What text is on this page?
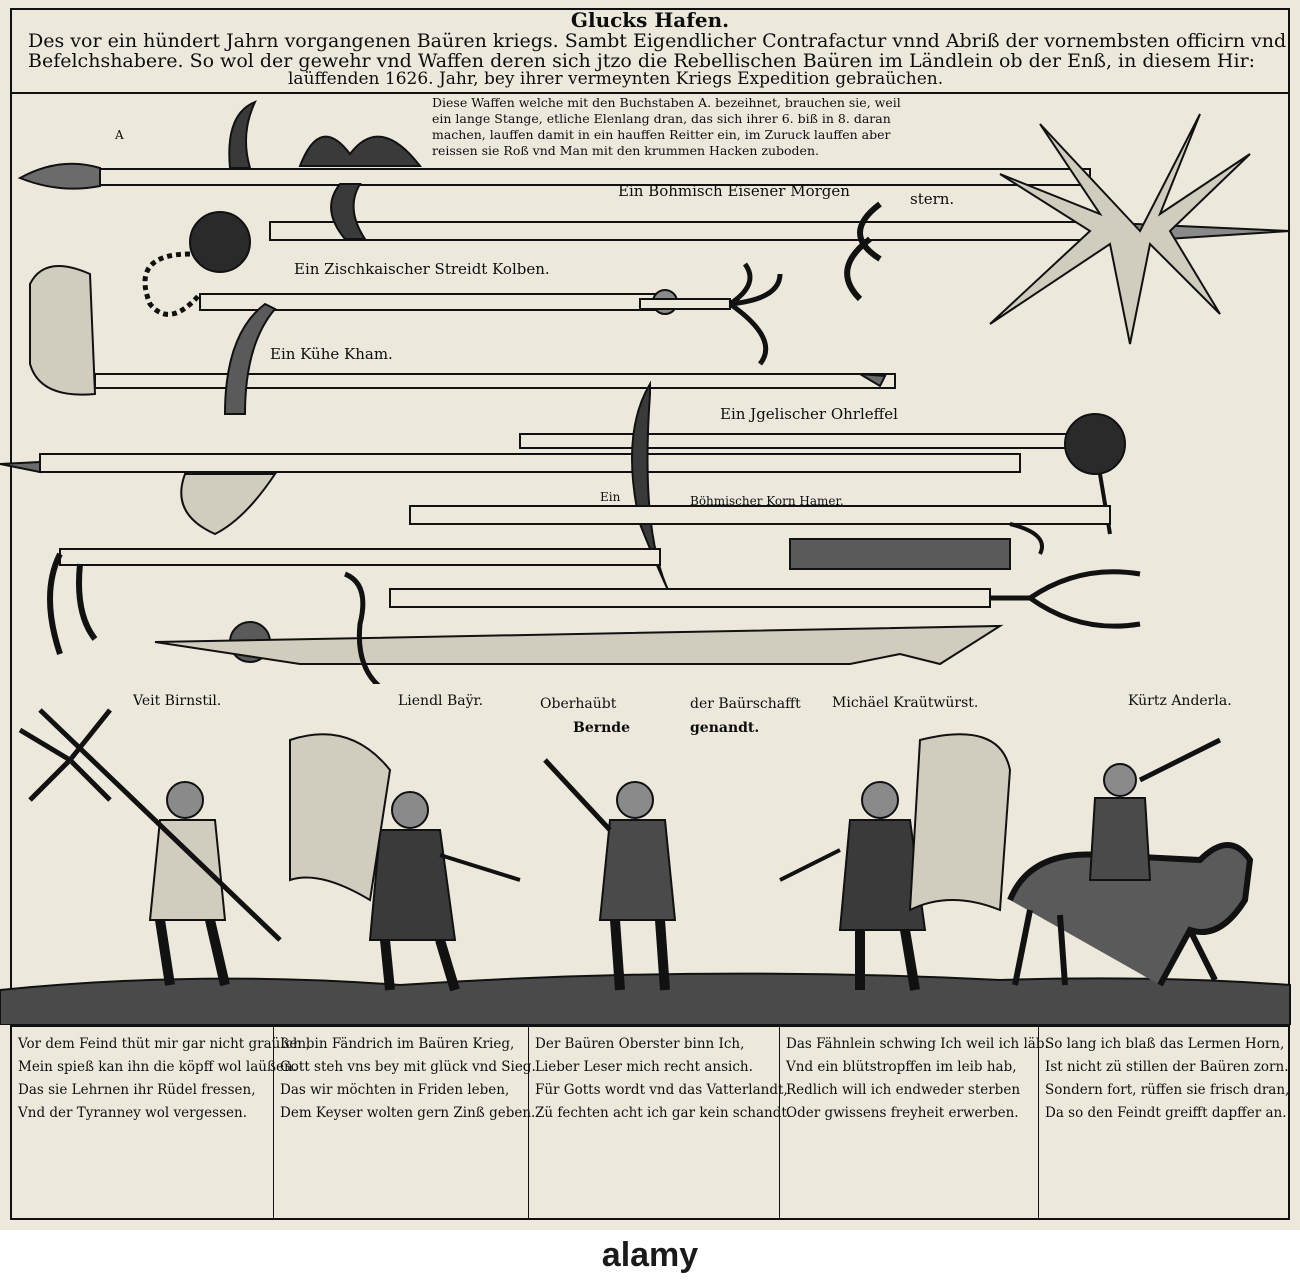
Glucks Hafen.
Des vor ein hündert Jahrn vorgangenen Baüren kriegs. Sambt Eigendlicher Contrafactur vnnd Abriß der vornembsten officirn vnd
Befelchshabere. So wol der gewehr vnd Waffen deren sich jtzo die Rebellischen Baüren im Ländlein ob der Enß, in diesem Hir:
laüffenden 1626. Jahr, bey ihrer vermeynten Kriegs Expedition gebraüchen.
Diese Waffen welche mit den Buchstaben A. bezeihnet, brauchen sie, weil
ein lange Stange, etliche Elenlang dran, das sich ihrer 6. biß in 8. daran
machen, lauffen damit in ein hauffen Reitter ein, im Zuruck lauffen aber
reissen sie Roß vnd Man mit den krummen Hacken zuboden.
A
Ein Böhmisch Eisener Morgen	stern.
Ein Zischkaischer Streidt Kolben.
Ein Kühe Kham.
Ein Jgelischer Ohrleffel
Ein	Böhmischer Korn Hamer.
Veit Birnstil.	Liendl Baÿr.	Oberhaübt	der Baürschafft
Bernde	genandt.
Michäel Kraütwürst.	Kürtz Anderla.
Vor dem Feind thüt mir gar nicht graüßen,
Mein spieß kan ihn die köpff wol laüßen.
Das sie Lehrnen ihr Rüdel fressen,
Vnd der Tyranney wol vergessen.
Ich bin Fändrich im Baüren Krieg,
Gott steh vns bey mit glück vnd Sieg.
Das wir möchten in Friden leben,
Dem Keyser wolten gern Zinß geben.
Der Baüren Oberster binn Ich,
Lieber Leser mich recht ansich.
Für Gotts wordt vnd das Vatterlandt,
Zü fechten acht ich gar kein schandt.
Das Fähnlein schwing Ich weil ich läb.
Vnd ein blütstropffen im leib hab,
Redlich will ich endweder sterben
Oder gwissens freyheit erwerben.
So lang ich blaß das Lermen Horn,
Ist nicht zü stillen der Baüren zorn.
Sondern fort, rüffen sie frisch dran,
Da so den Feindt greifft dapffer an.
alamy
